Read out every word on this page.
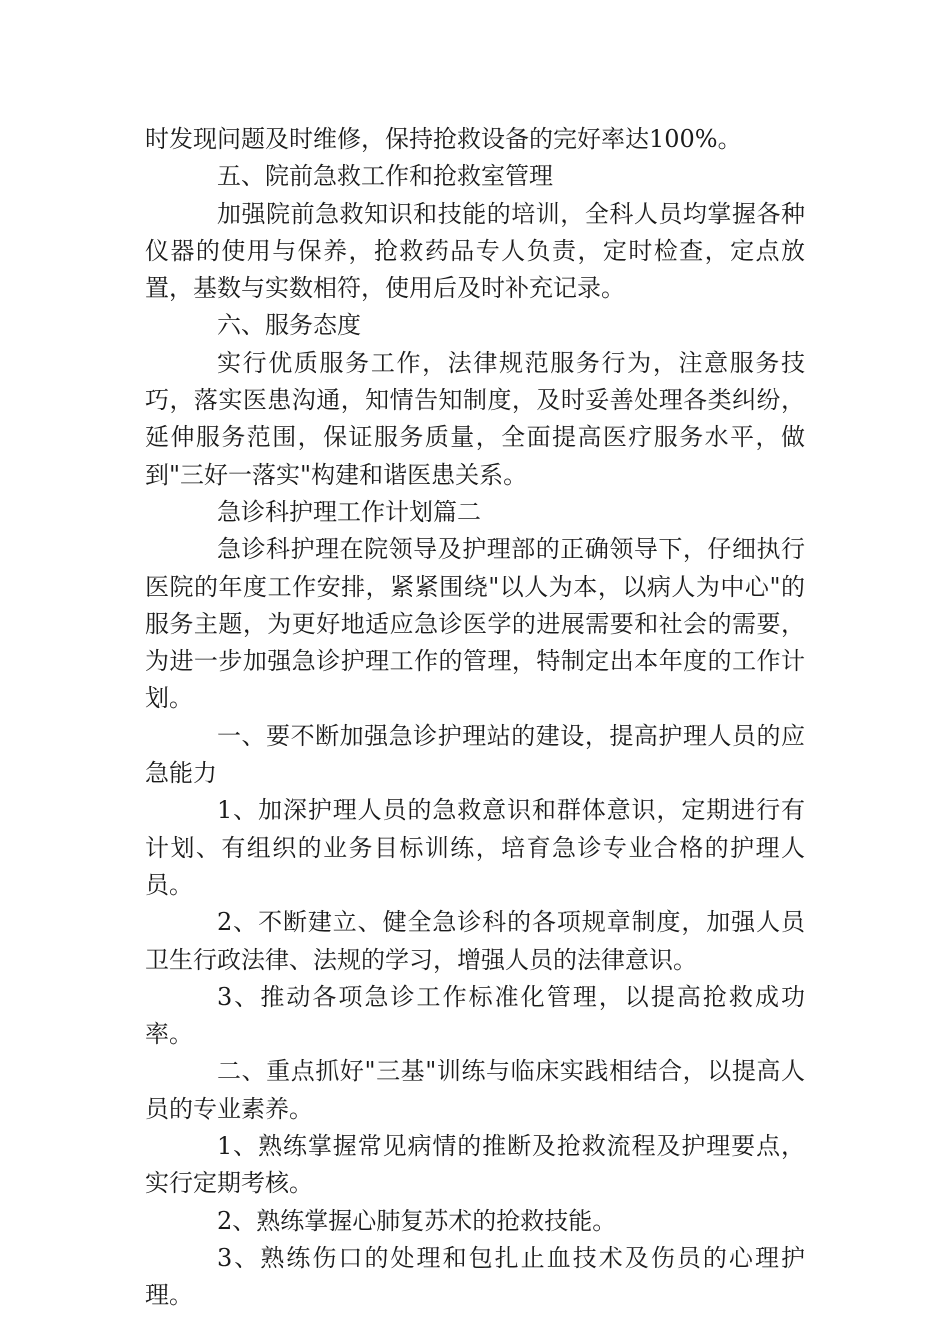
时发现问题及时维修，保持抢救设备的完好率达100%。

五、院前急救工作和抢救室管理

加强院前急救知识和技能的培训，全科人员均掌握各种仪器的使用与保养，抢救药品专人负责，定时检查，定点放置，基数与实数相符，使用后及时补充记录。

六、服务态度

实行优质服务工作，法律规范服务行为，注意服务技巧，落实医患沟通，知情告知制度，及时妥善处理各类纠纷，延伸服务范围，保证服务质量，全面提高医疗服务水平，做到"三好一落实"构建和谐医患关系。

急诊科护理工作计划篇二

急诊科护理在院领导及护理部的正确领导下，仔细执行医院的年度工作安排，紧紧围绕"以人为本，以病人为中心"的服务主题，为更好地适应急诊医学的进展需要和社会的需要，为进一步加强急诊护理工作的管理，特制定出本年度的工作计划。

一、要不断加强急诊护理站的建设，提高护理人员的应急能力

1、加深护理人员的急救意识和群体意识，定期进行有计划、有组织的业务目标训练，培育急诊专业合格的护理人员。

2、不断建立、健全急诊科的各项规章制度，加强人员卫生行政法律、法规的学习，增强人员的法律意识。

3、推动各项急诊工作标准化管理，以提高抢救成功率。

二、重点抓好"三基"训练与临床实践相结合，以提高人员的专业素养。

1、熟练掌握常见病情的推断及抢救流程及护理要点，实行定期考核。

2、熟练掌握心肺复苏术的抢救技能。

3、熟练伤口的处理和包扎止血技术及伤员的心理护理。
